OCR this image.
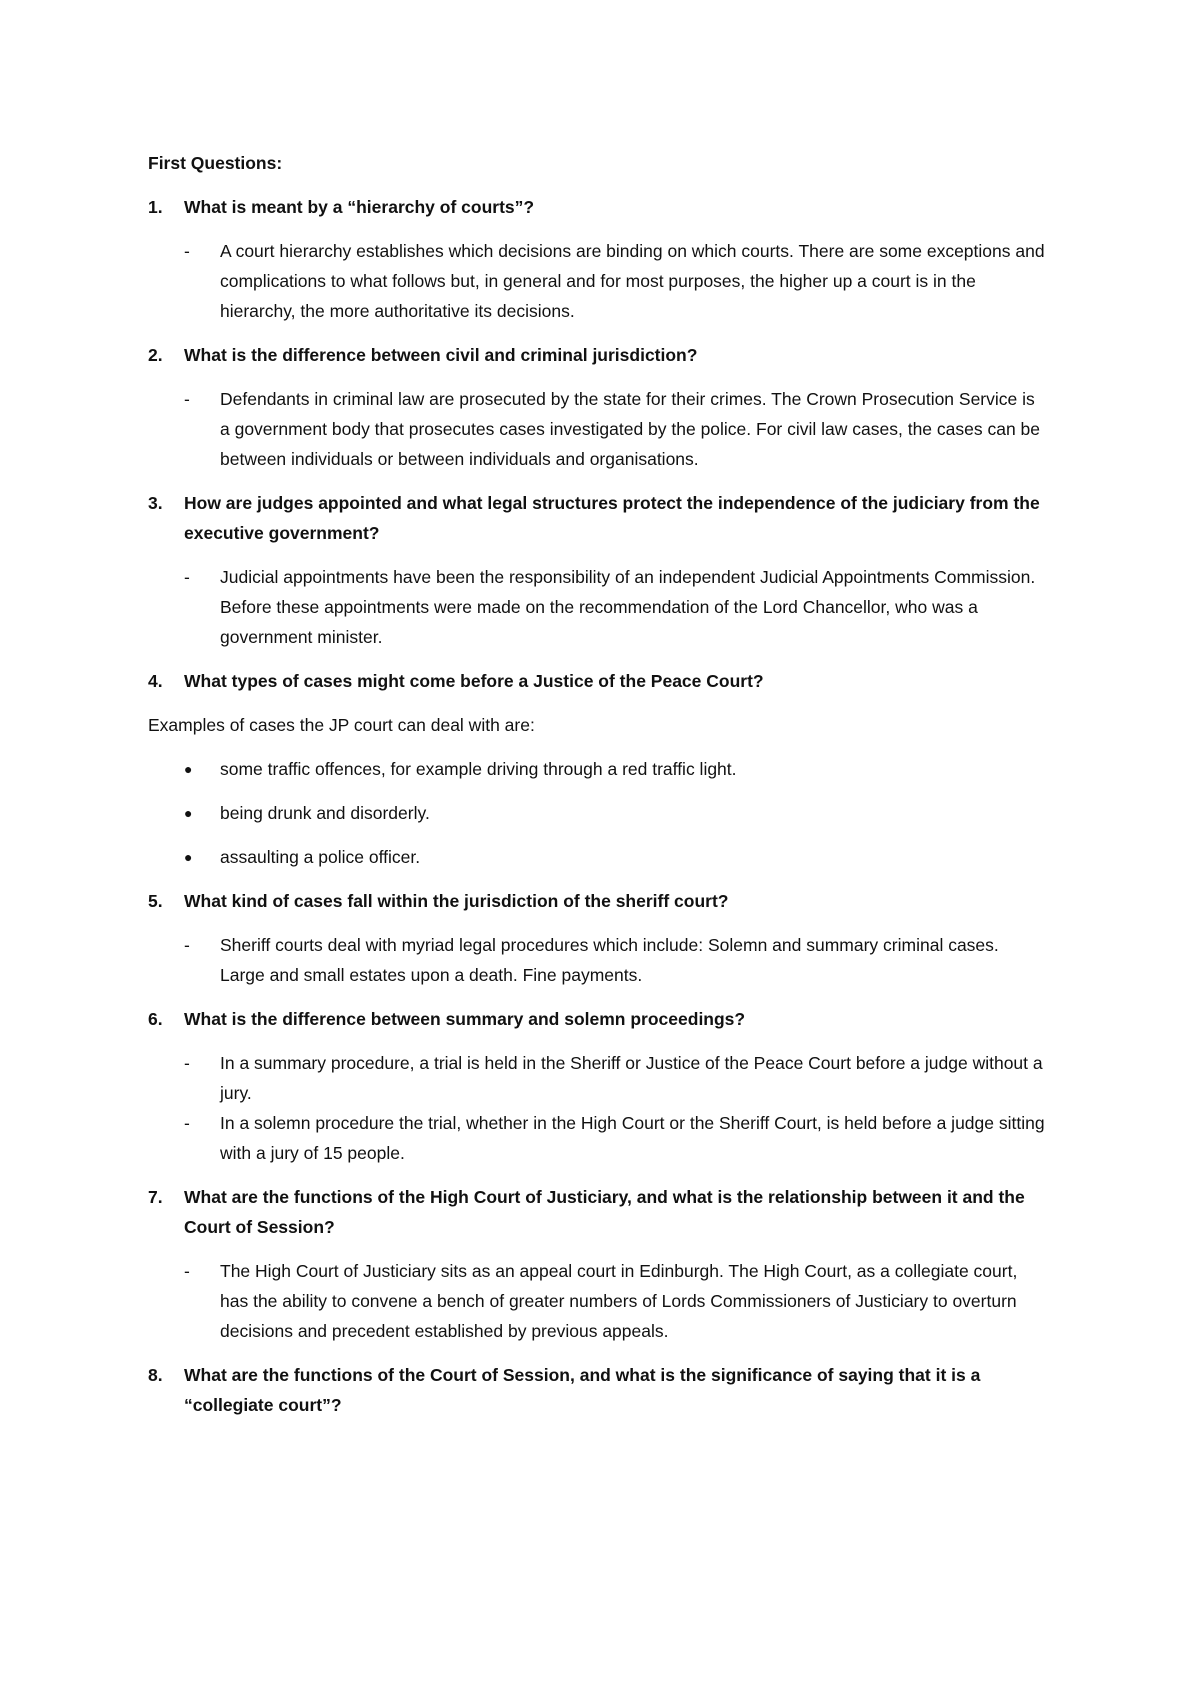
First Questions:
1.	What is meant by a “hierarchy of courts”?
-	A court hierarchy establishes which decisions are binding on which courts. There are some exceptions and complications to what follows but, in general and for most purposes, the higher up a court is in the hierarchy, the more authoritative its decisions.
2.	What is the difference between civil and criminal jurisdiction?
-	Defendants in criminal law are prosecuted by the state for their crimes. The Crown Prosecution Service is a government body that prosecutes cases investigated by the police. For civil law cases, the cases can be between individuals or between individuals and organisations.
3.	How are judges appointed and what legal structures protect the independence of the judiciary from the executive government?
-	Judicial appointments have been the responsibility of an independent Judicial Appointments Commission. Before these appointments were made on the recommendation of the Lord Chancellor, who was a government minister.
4.	What types of cases might come before a Justice of the Peace Court?
Examples of cases the JP court can deal with are:
●	some traffic offences, for example driving through a red traffic light.
●	being drunk and disorderly.
●	assaulting a police officer.
5.	What kind of cases fall within the jurisdiction of the sheriff court?
-	Sheriff courts deal with myriad legal procedures which include: Solemn and summary criminal cases. Large and small estates upon a death. Fine payments.
6.	What is the difference between summary and solemn proceedings?
-	In a summary procedure, a trial is held in the Sheriff or Justice of the Peace Court before a judge without a jury.
-	In a solemn procedure the trial, whether in the High Court or the Sheriff Court, is held before a judge sitting with a jury of 15 people.
7.	What are the functions of the High Court of Justiciary, and what is the relationship between it and the Court of Session?
-	The High Court of Justiciary sits as an appeal court in Edinburgh. The High Court, as a collegiate court, has the ability to convene a bench of greater numbers of Lords Commissioners of Justiciary to overturn decisions and precedent established by previous appeals.
8.	What are the functions of the Court of Session, and what is the significance of saying that it is a “collegiate court”?
